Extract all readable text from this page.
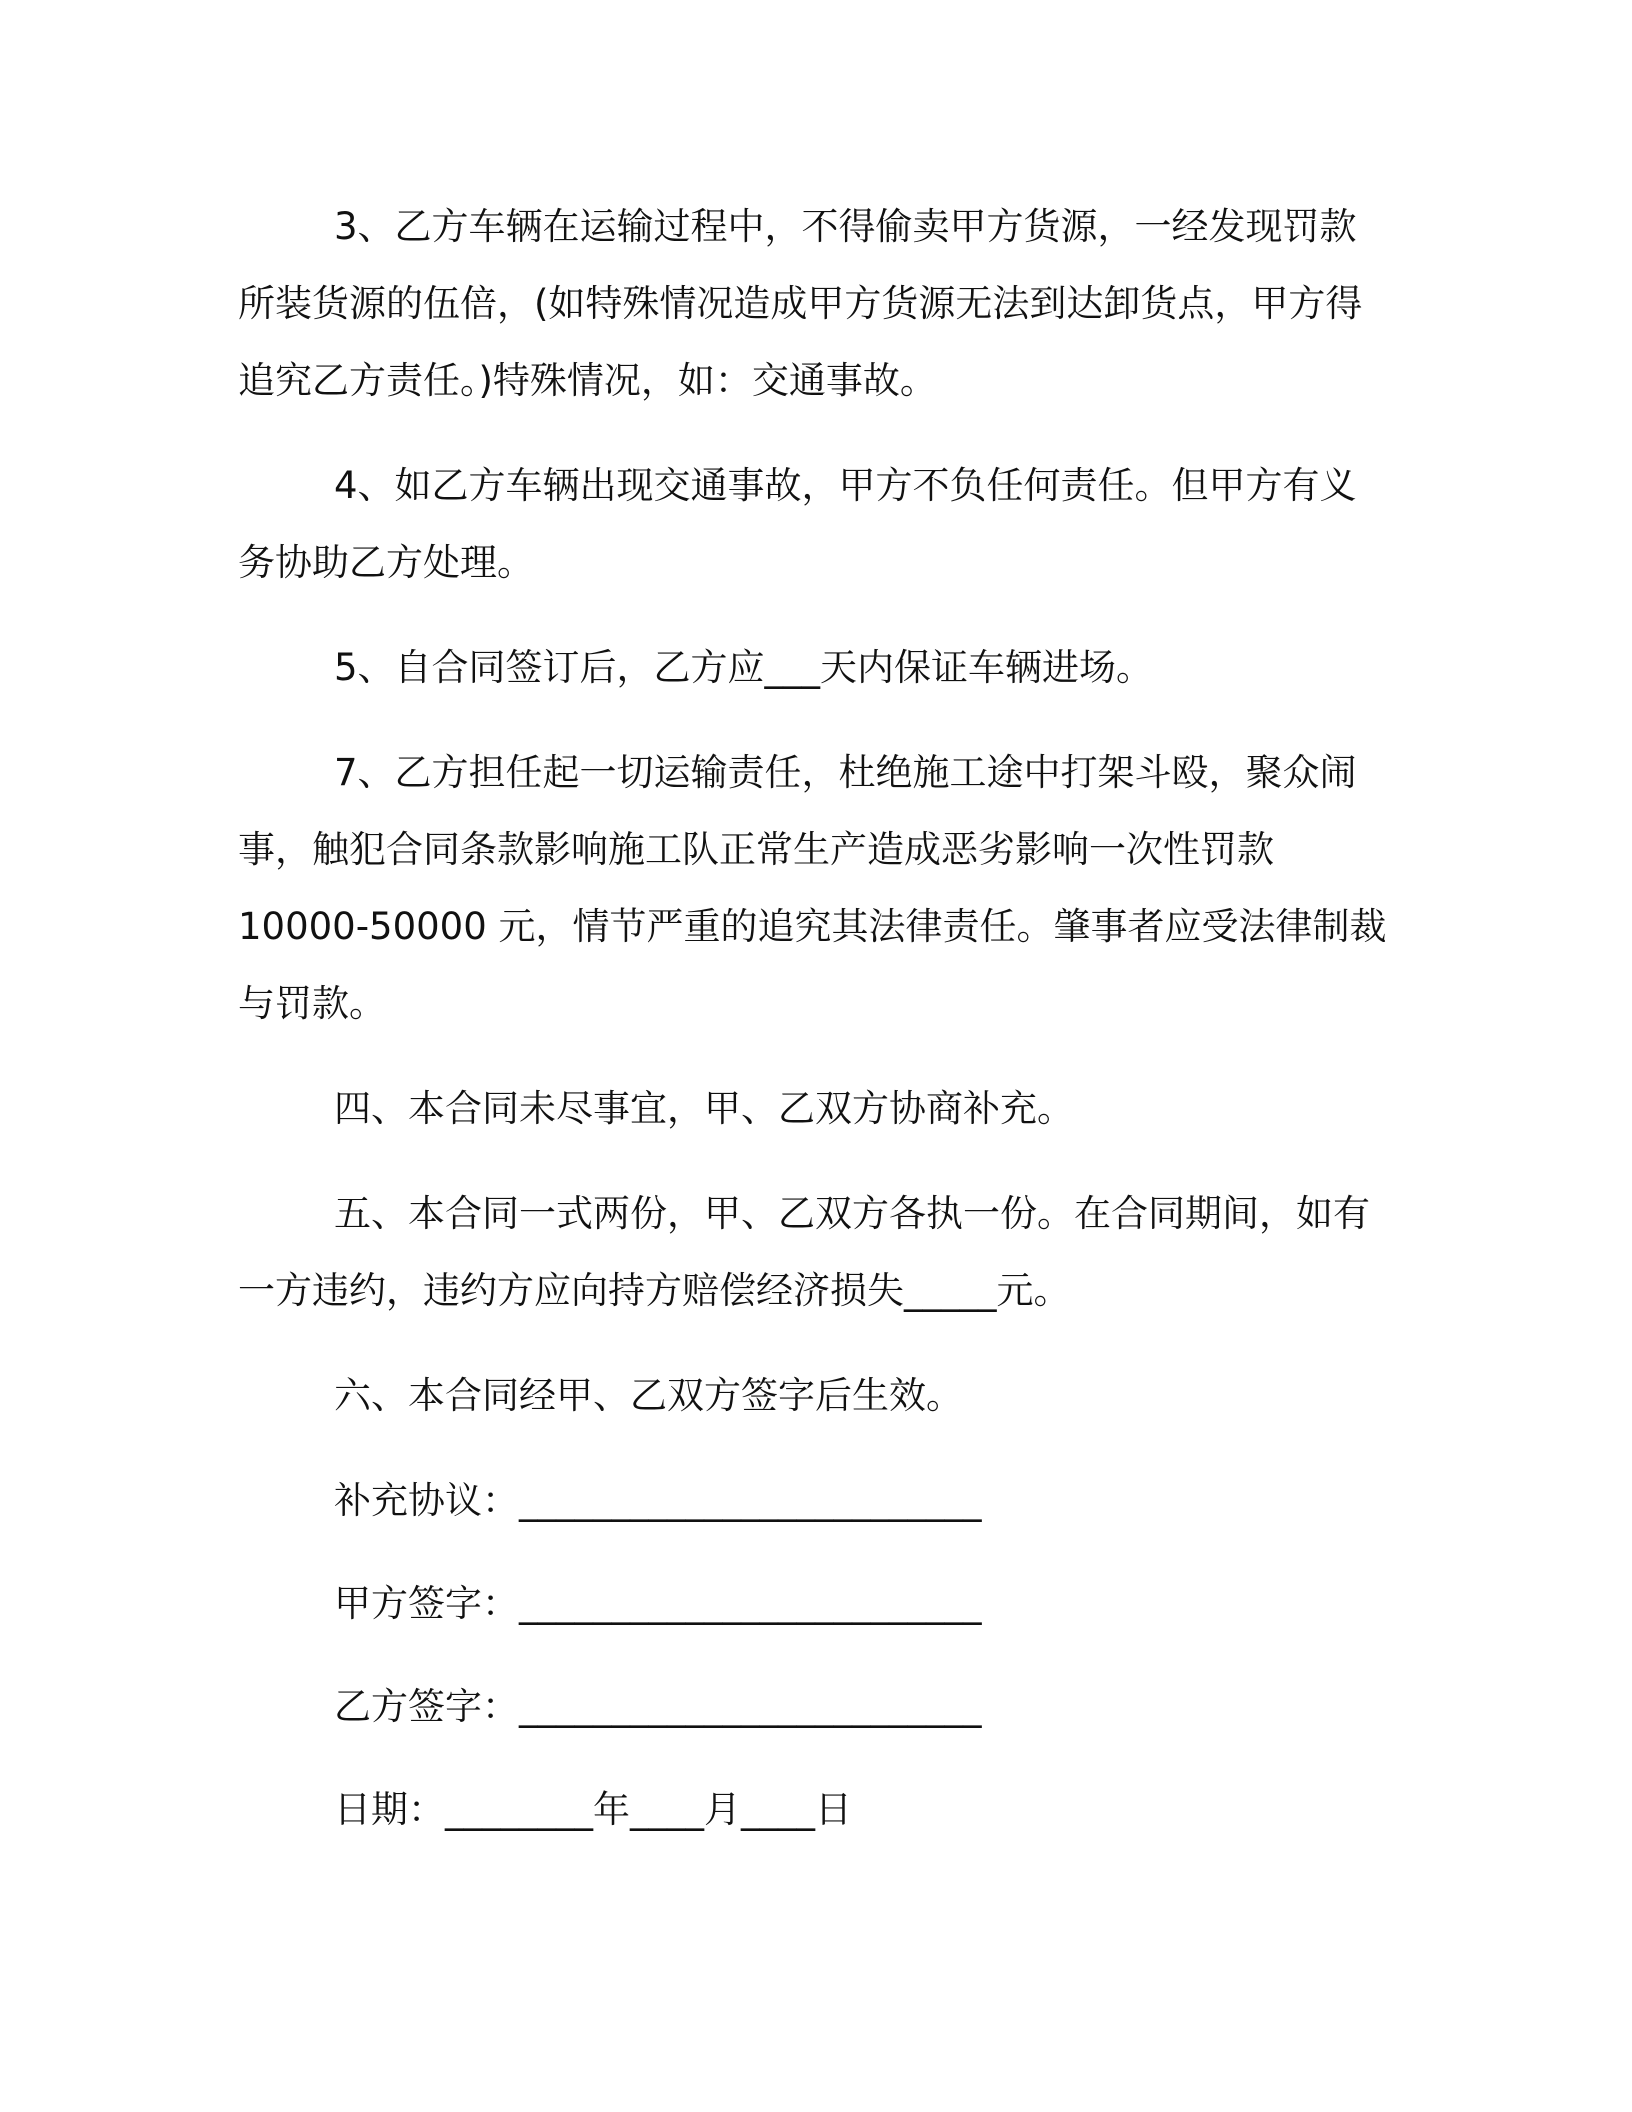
3、乙方车辆在运输过程中，不得偷卖甲方货源，一经发现罚款
所装货源的伍倍，(如特殊情况造成甲方货源无法到达卸货点，甲方得
追究乙方责任。)特殊情况，如：交通事故。
4、如乙方车辆出现交通事故，甲方不负任何责任。但甲方有义
务协助乙方处理。
5、自合同签订后，乙方应___天内保证车辆进场。
7、乙方担任起一切运输责任，杜绝施工途中打架斗殴，聚众闹
事，触犯合同条款影响施工队正常生产造成恶劣影响一次性罚款
10000-50000 元，情节严重的追究其法律责任。肇事者应受法律制裁
与罚款。
四、本合同未尽事宜，甲、乙双方协商补充。
五、本合同一式两份，甲、乙双方各执一份。在合同期间，如有
一方违约，违约方应向持方赔偿经济损失_____元。
六、本合同经甲、乙双方签字后生效。
补充协议：_________________________
甲方签字：_________________________
乙方签字：_________________________
日期：________年____月____日
